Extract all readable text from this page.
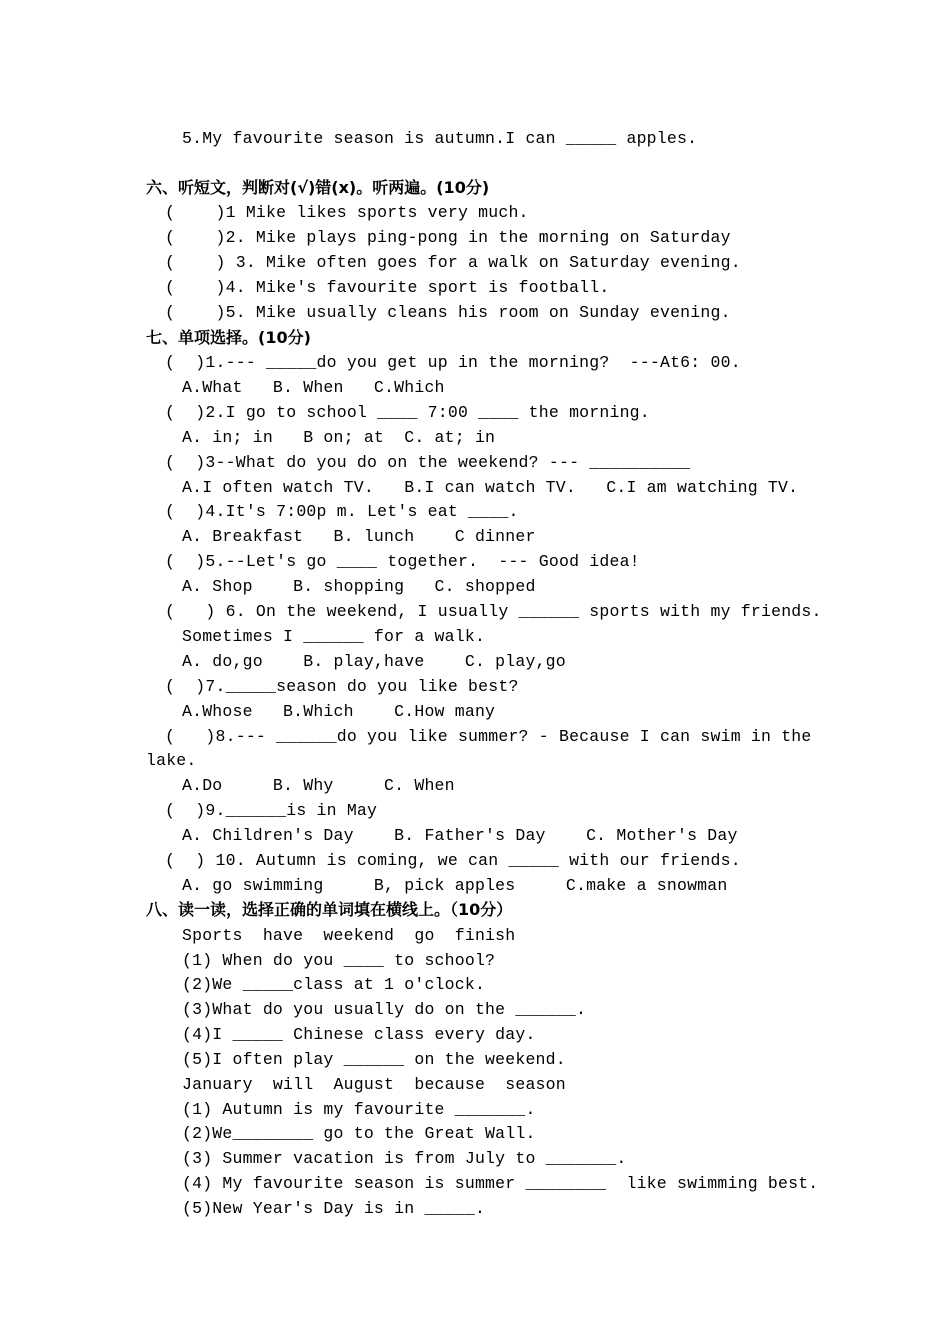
5.My favourite season is autumn.I can _____ apples.
六、听短文，判断对(√)错(x)。听两遍。(10分)
(    )1 Mike likes sports very much.
(    )2. Mike plays ping-pong in the morning on Saturday
(    ) 3. Mike often goes for a walk on Saturday evening.
(    )4. Mike's favourite sport is football.
(    )5. Mike usually cleans his room on Sunday evening.
七、单项选择。(10分)
(  )1.--- _____do you get up in the morning?  ---At6: 00.
A.What   B. When   C.Which
(  )2.I go to school ____ 7:00 ____ the morning.
A. in; in   B on; at  C. at; in
(  )3--What do you do on the weekend? --- __________
A.I often watch TV.   B.I can watch TV.   C.I am watching TV.
(  )4.It's 7:00p m. Let's eat ____.
A. Breakfast   B. lunch    C dinner
(  )5.--Let's go ____ together.  --- Good idea!
A. Shop    B. shopping   C. shopped
(   ) 6. On the weekend, I usually ______ sports with my friends.
Sometimes I ______ for a walk.
A. do,go    B. play,have    C. play,go
(  )7._____season do you like best?
A.Whose   B.Which    C.How many
(   )8.--- ______do you like summer? - Because I can swim in the
lake.
A.Do     B. Why     C. When
(  )9.______is in May
A. Children's Day    B. Father's Day    C. Mother's Day
(  ) 10. Autumn is coming, we can _____ with our friends.
A. go swimming     B, pick apples     C.make a snowman
八、读一读，选择正确的单词填在横线上。（10分）
Sports  have  weekend  go  finish
(1) When do you ____ to school?
(2)We _____class at 1 o'clock.
(3)What do you usually do on the ______.
(4)I _____ Chinese class every day.
(5)I often play ______ on the weekend.
January  will  August  because  season
(1) Autumn is my favourite _______.
(2)We________ go to the Great Wall.
(3) Summer vacation is from July to _______.
(4) My favourite season is summer ________  like swimming best.
(5)New Year's Day is in _____.
